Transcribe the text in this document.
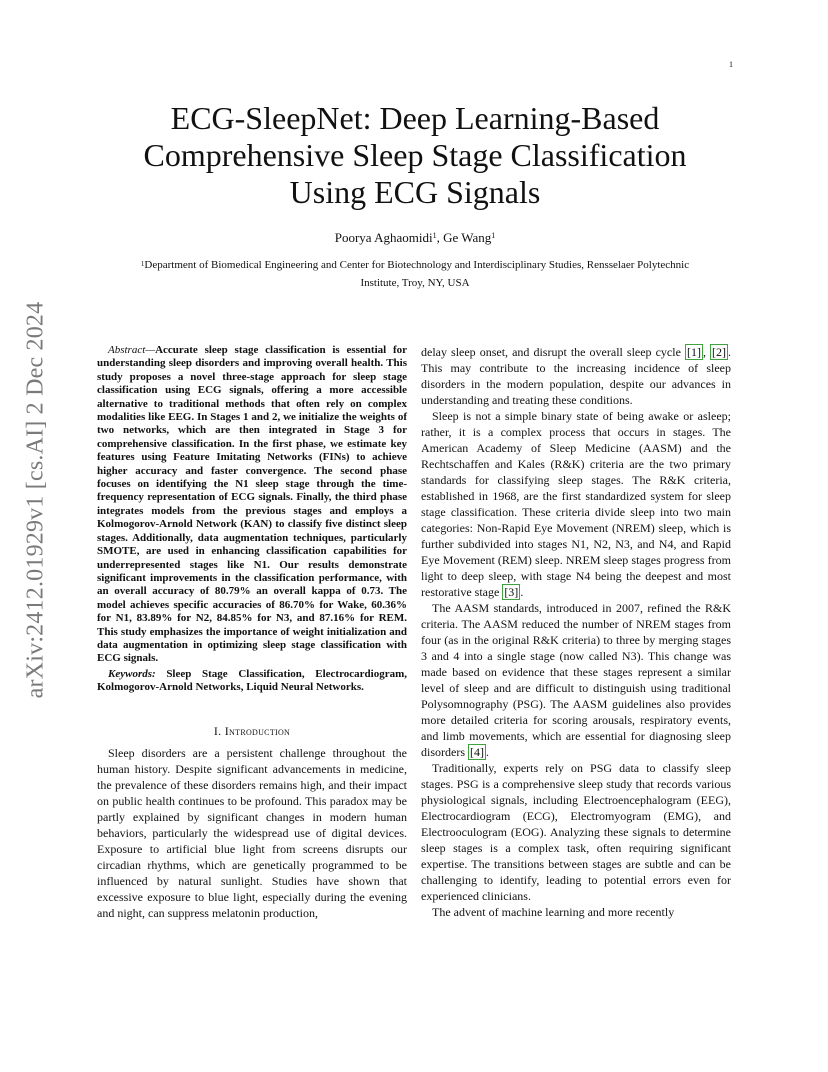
1
arXiv:2412.01929v1 [cs.AI] 2 Dec 2024
ECG-SleepNet: Deep Learning-Based
Comprehensive Sleep Stage Classification
Using ECG Signals
Poorya Aghaomidi$^1$, Ge Wang$^1$
$^1$Department of Biomedical Engineering and Center for Biotechnology and Interdisciplinary Studies, Rensselaer Polytechnic
Institute, Troy, NY, USA

Abstract—Accurate sleep stage classification is essential for understanding sleep disorders and improving overall health. This study proposes a novel three-stage approach for sleep stage classification using ECG signals, offering a more accessible alternative to traditional methods that often rely on complex modalities like EEG. In Stages 1 and 2, we initialize the weights of two networks, which are then integrated in Stage 3 for comprehensive classification. In the first phase, we estimate key features using Feature Imitating Networks (FINs) to achieve higher accuracy and faster convergence. The second phase focuses on identifying the N1 sleep stage through the time-frequency representation of ECG signals. Finally, the third phase integrates models from the previous stages and employs a Kolmogorov-Arnold Network (KAN) to classify five distinct sleep stages. Additionally, data augmentation techniques, particularly SMOTE, are used in enhancing classification capabilities for underrepresented stages like N1. Our results demonstrate significant improvements in the classification performance, with an overall accuracy of 80.79% an overall kappa of 0.73. The model achieves specific accuracies of 86.70% for Wake, 60.36% for N1, 83.89% for N2, 84.85% for N3, and 87.16% for REM. This study emphasizes the importance of weight initialization and data augmentation in optimizing sleep stage classification with ECG signals.

Keywords: Sleep Stage Classification, Electrocardiogram, Kolmogorov-Arnold Networks, Liquid Neural Networks.

I. Introduction

Sleep disorders are a persistent challenge throughout the human history. Despite significant advancements in medicine, the prevalence of these disorders remains high, and their impact on public health continues to be profound. This paradox may be partly explained by significant changes in modern human behaviors, particularly the widespread use of digital devices. Exposure to artificial blue light from screens disrupts our circadian rhythms, which are genetically programmed to be influenced by natural sunlight. Studies have shown that excessive exposure to blue light, especially during the evening and night, can suppress melatonin production,

delay sleep onset, and disrupt the overall sleep cycle [1] , [2] . This may contribute to the increasing incidence of sleep disorders in the modern population, despite our advances in understanding and treating these conditions.

Sleep is not a simple binary state of being awake or asleep; rather, it is a complex process that occurs in stages. The American Academy of Sleep Medicine (AASM) and the Rechtschaffen and Kales (R&K) criteria are the two primary standards for classifying sleep stages. The R&K criteria, established in 1968, are the first standardized system for sleep stage classification. These criteria divide sleep into two main categories: Non-Rapid Eye Movement (NREM) sleep, which is further subdivided into stages N1, N2, N3, and N4, and Rapid Eye Movement (REM) sleep. NREM sleep stages progress from light to deep sleep, with stage N4 being the deepest and most restorative stage [3] .

The AASM standards, introduced in 2007, refined the R&K criteria. The AASM reduced the number of NREM stages from four (as in the original R&K criteria) to three by merging stages 3 and 4 into a single stage (now called N3). This change was made based on evidence that these stages represent a similar level of sleep and are difficult to distinguish using traditional Polysomnography (PSG). The AASM guidelines also provides more detailed criteria for scoring arousals, respiratory events, and limb movements, which are essential for diagnosing sleep disorders [4] .

Traditionally, experts rely on PSG data to classify sleep stages. PSG is a comprehensive sleep study that records various physiological signals, including Electroencephalogram (EEG), Electrocardiogram (ECG), Electromyogram (EMG), and Electrooculogram (EOG). Analyzing these signals to determine sleep stages is a complex task, often requiring significant expertise. The transitions between stages are subtle and can be challenging to identify, leading to potential errors even for experienced clinicians.

The advent of machine learning and more recently
